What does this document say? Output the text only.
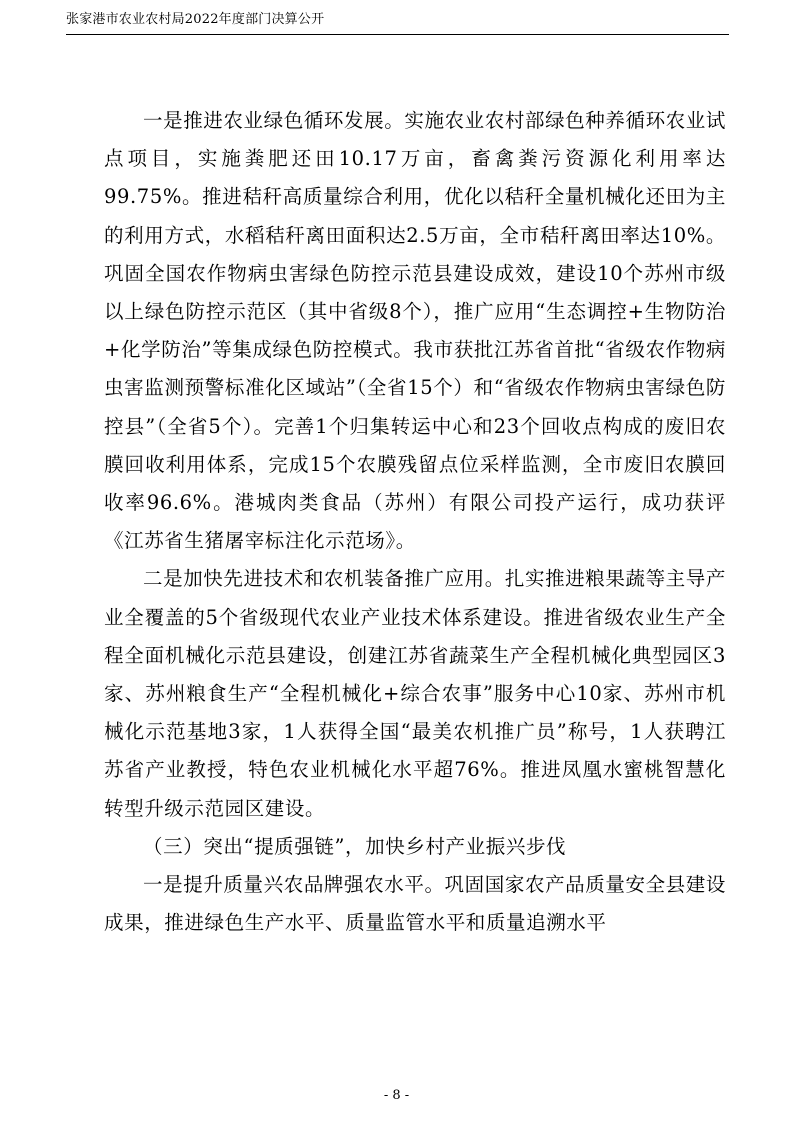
张家港市农业农村局2022年度部门决算公开

一是推进农业绿色循环发展。实施农业农村部绿色种养循环农业试点项目，实施粪肥还田10.17万亩，畜禽粪污资源化利用率达99.75%。推进秸秆高质量综合利用，优化以秸秆全量机械化还田为主的利用方式，水稻秸秆离田面积达2.5万亩，全市秸秆离田率达10%。巩固全国农作物病虫害绿色防控示范县建设成效，建设10个苏州市级以上绿色防控示范区（其中省级8个），推广应用“生态调控+生物防治+化学防治”等集成绿色防控模式。我市获批江苏省首批“省级农作物病虫害监测预警标准化区域站”（全省15个）和“省级农作物病虫害绿色防控县”（全省5个）。完善1个归集转运中心和23个回收点构成的废旧农膜回收利用体系，完成15个农膜残留点位采样监测，全市废旧农膜回收率96.6%。港城肉类食品（苏州）有限公司投产运行，成功获评《江苏省生猪屠宰标注化示范场》。

二是加快先进技术和农机装备推广应用。扎实推进粮果蔬等主导产业全覆盖的5个省级现代农业产业技术体系建设。推进省级农业生产全程全面机械化示范县建设，创建江苏省蔬菜生产全程机械化典型园区3家、苏州粮食生产“全程机械化+综合农事”服务中心10家、苏州市机械化示范基地3家，1人获得全国“最美农机推广员”称号，1人获聘江苏省产业教授，特色农业机械化水平超76%。推进凤凰水蜜桃智慧化转型升级示范园区建设。

（三）突出“提质强链”，加快乡村产业振兴步伐

一是提升质量兴农品牌强农水平。巩固国家农产品质量安全县建设成果，推进绿色生产水平、质量监管水平和质量追溯水平

- 8 -
